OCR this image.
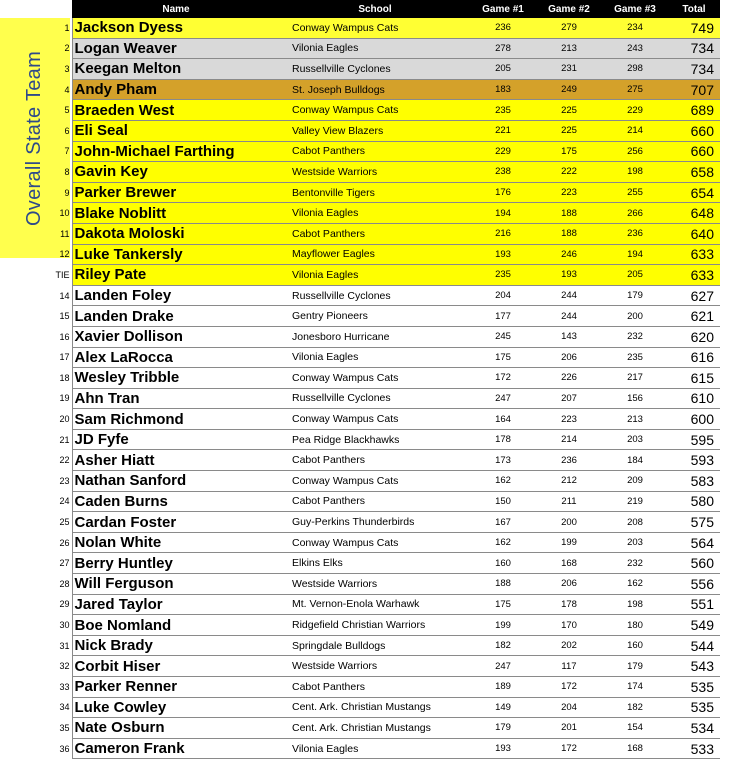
Overall State Team
	Name	School	Game #1	Game #2	Game #3	Total
1	Jackson Dyess	Conway Wampus Cats	236	279	234	749
2	Logan Weaver	Vilonia Eagles	278	213	243	734
3	Keegan Melton	Russellville Cyclones	205	231	298	734
4	Andy Pham	St. Joseph Bulldogs	183	249	275	707
5	Braeden West	Conway Wampus Cats	235	225	229	689
6	Eli Seal	Valley View Blazers	221	225	214	660
7	John-Michael Farthing	Cabot Panthers	229	175	256	660
8	Gavin Key	Westside Warriors	238	222	198	658
9	Parker Brewer	Bentonville Tigers	176	223	255	654
10	Blake Noblitt	Vilonia Eagles	194	188	266	648
11	Dakota Moloski	Cabot Panthers	216	188	236	640
12	Luke Tankersly	Mayflower Eagles	193	246	194	633
TIE	Riley Pate	Vilonia Eagles	235	193	205	633
14	Landen Foley	Russellville Cyclones	204	244	179	627
15	Landen Drake	Gentry Pioneers	177	244	200	621
16	Xavier Dollison	Jonesboro Hurricane	245	143	232	620
17	Alex LaRocca	Vilonia Eagles	175	206	235	616
18	Wesley Tribble	Conway Wampus Cats	172	226	217	615
19	Ahn Tran	Russellville Cyclones	247	207	156	610
20	Sam Richmond	Conway Wampus Cats	164	223	213	600
21	JD Fyfe	Pea Ridge Blackhawks	178	214	203	595
22	Asher Hiatt	Cabot Panthers	173	236	184	593
23	Nathan Sanford	Conway Wampus Cats	162	212	209	583
24	Caden Burns	Cabot Panthers	150	211	219	580
25	Cardan Foster	Guy-Perkins Thunderbirds	167	200	208	575
26	Nolan White	Conway Wampus Cats	162	199	203	564
27	Berry Huntley	Elkins Elks	160	168	232	560
28	Will Ferguson	Westside Warriors	188	206	162	556
29	Jared Taylor	Mt. Vernon-Enola Warhawk	175	178	198	551
30	Boe Nomland	Ridgefield Christian Warriors	199	170	180	549
31	Nick Brady	Springdale Bulldogs	182	202	160	544
32	Corbit Hiser	Westside Warriors	247	117	179	543
33	Parker Renner	Cabot Panthers	189	172	174	535
34	Luke Cowley	Cent. Ark. Christian Mustangs	149	204	182	535
35	Nate Osburn	Cent. Ark. Christian Mustangs	179	201	154	534
36	Cameron Frank	Vilonia Eagles	193	172	168	533
